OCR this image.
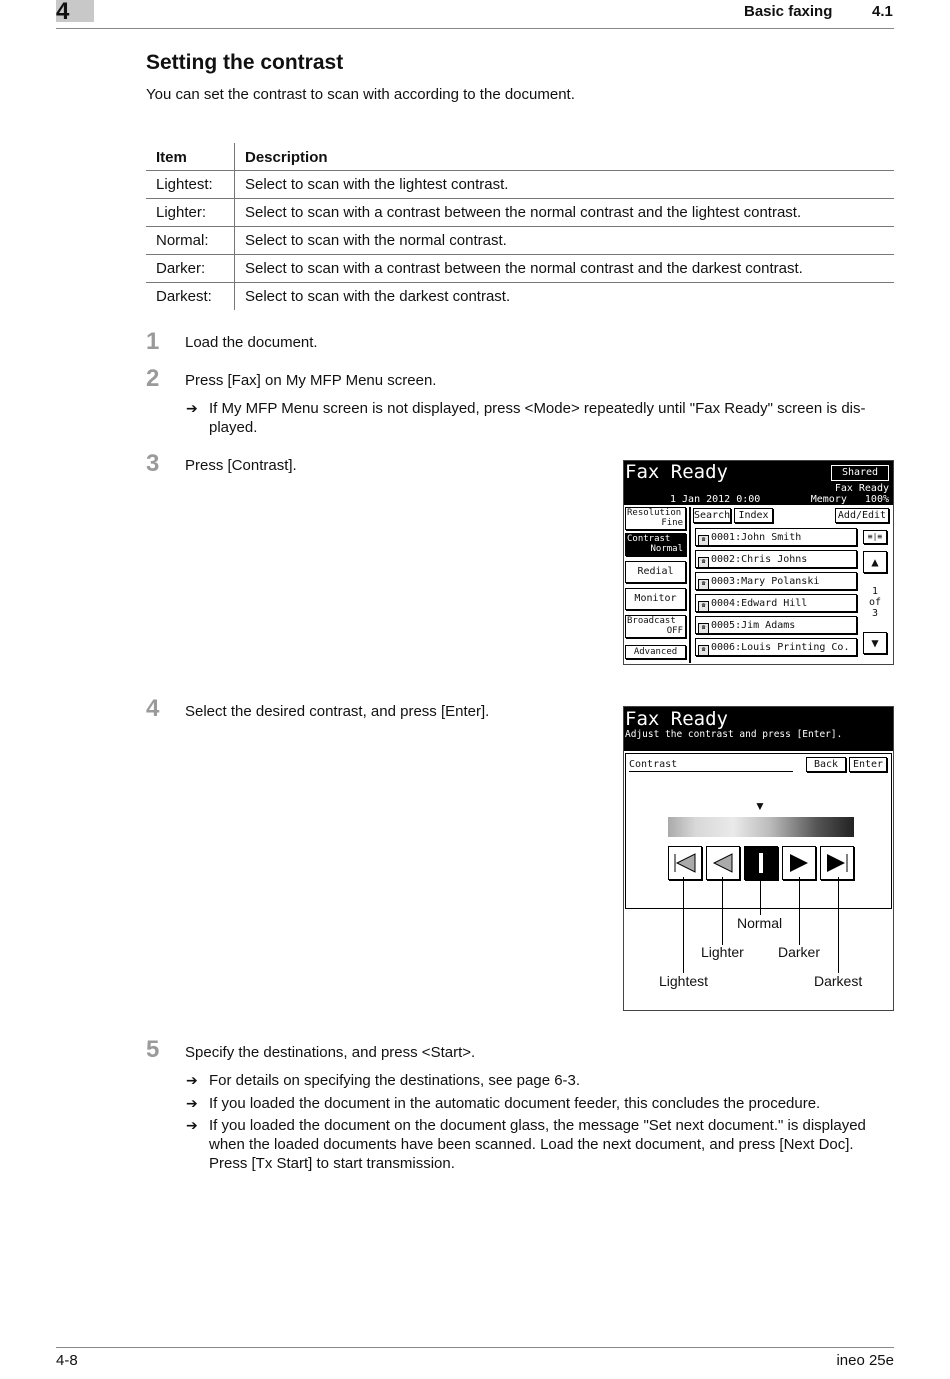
4	Basic faxing	4.1
Setting the contrast
You can set the contrast to scan with according to the document.
Item	Description
Lightest:	Select to scan with the lightest contrast.
Lighter:	Select to scan with a contrast between the normal contrast and the lightest contrast.
Normal:	Select to scan with the normal contrast.
Darker:	Select to scan with a contrast between the normal contrast and the darkest contrast.
Darkest:	Select to scan with the darkest contrast.
1 Load the document.
2 Press [Fax] on My MFP Menu screen.
➔ If My MFP Menu screen is not displayed, press <Mode> repeatedly until "Fax Ready" screen is dis-played.
3 Press [Contrast].	Fax Ready	Shared
Fax Ready
1 Jan 2012 0:00	Memory   100%
Resolution
Fine
Contrast
Normal
Redial
Monitor
Broadcast
OFF
Advanced
Search Index	Add/Edit
☎ 0001:John Smith
☎ 0002:Chris Johns
☎ 0003:Mary Polanski
☎ 0004:Edward Hill
☎ 0005:Jim Adams
☎ 0006:Louis Printing Co.
≡|≡
▲
1
of
3
▼
4 Select the desired contrast, and press [Enter].	Fax Ready
Adjust the contrast and press [Enter].
Contrast	Back	Enter
▼
Normal
Lighter Darker
Lightest	Darkest
5 Specify the destinations, and press <Start>.
➔ For details on specifying the destinations, see page 6-3.
➔ If you loaded the document in the automatic document feeder, this concludes the procedure.
➔ If you loaded the document on the document glass, the message "Set next document." is displayed when the loaded documents have been scanned. Load the next document, and press [Next Doc]. Press [Tx Start] to start transmission.
4-8	ineo 25e
